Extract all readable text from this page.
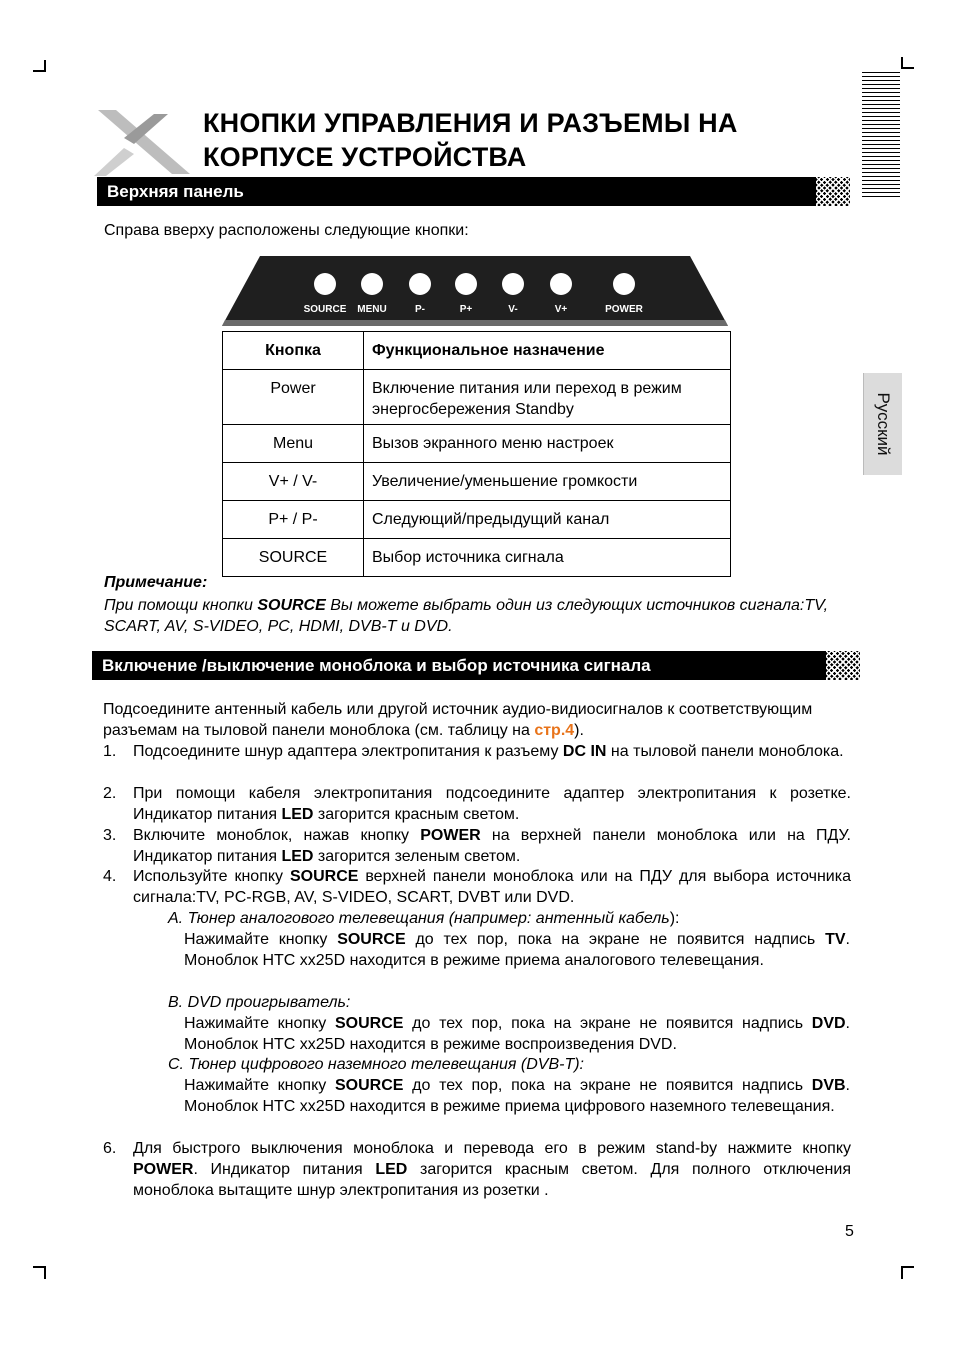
КНОПКИ УПРАВЛЕНИЯ И РАЗЪЕМЫ НА
КОРПУСЕ УСТРОЙСТВА
Русский
Верхняя панель
Справа вверху расположены следующие кнопки:
SOURCE MENU	P-	P+	V-	V+	POWER
Кнопка	Функциональное назначение
Power	Включение питания или переход в режим энергосбережения Standby
Menu	Вызов экранного меню настроек
V+ / V-	Увеличение/уменьшение громкости
P+ / P-	Следующий/предыдущий канал
SOURCE	Выбор источника сигнала
Примечание:
При помощи кнопки SOURCE Вы можете выбрать один из следующих источников сигнала:TV, SCART, AV, S-VIDEO, PC, HDMI, DVB-T и DVD.
Включение /выключение моноблока и выбор источника сигнала
Подсоедините антенный кабель или другой источник аудио-видиосигналов к соответствующим разъемам на тыловой панели моноблока (см. таблицу на стр.4).
1. Подсоедините шнур адаптера электропитания к разъему DC IN на тыловой панели моноблока.
2. При помощи кабеля электропитания подсоедините адаптер электропитания к розетке. Индикатор питания LED загорится красным светом.
3. Включите моноблок, нажав кнопку POWER на верхней панели моноблока или на ПДУ. Индикатор питания LED загорится зеленым светом.
4. Используйте кнопку SOURCE верхней панели моноблока или на ПДУ для выбора источника сигнала:TV, PC-RGB, AV, S-VIDEO, SCART, DVBT или DVD.
A. Тюнер аналогового телевещания (например: антенный кабель):
Нажимайте кнопку SOURCE до тех пор, пока на экране не появится надпись TV. Моноблок HTC xx25D находится в режиме приема аналогового телевещания.
B. DVD проигрыватель:
Нажимайте кнопку SOURCE до тех пор, пока на экране не появится надпись DVD. Моноблок HTC xx25D находится в режиме воспроизведения DVD.
C. Тюнер цифрового наземного телевещания (DVB-T):
Нажимайте кнопку SOURCE до тех пор, пока на экране не появится надпись DVB. Моноблок HTC xx25D находится в режиме приема цифрового наземного телевещания.
6. Для быстрого выключения моноблока и перевода его в режим stand-by нажмите кнопку POWER. Индикатор питания LED загорится красным светом. Для полного отключения моноблока вытащите шнур электропитания из розетки .
5
